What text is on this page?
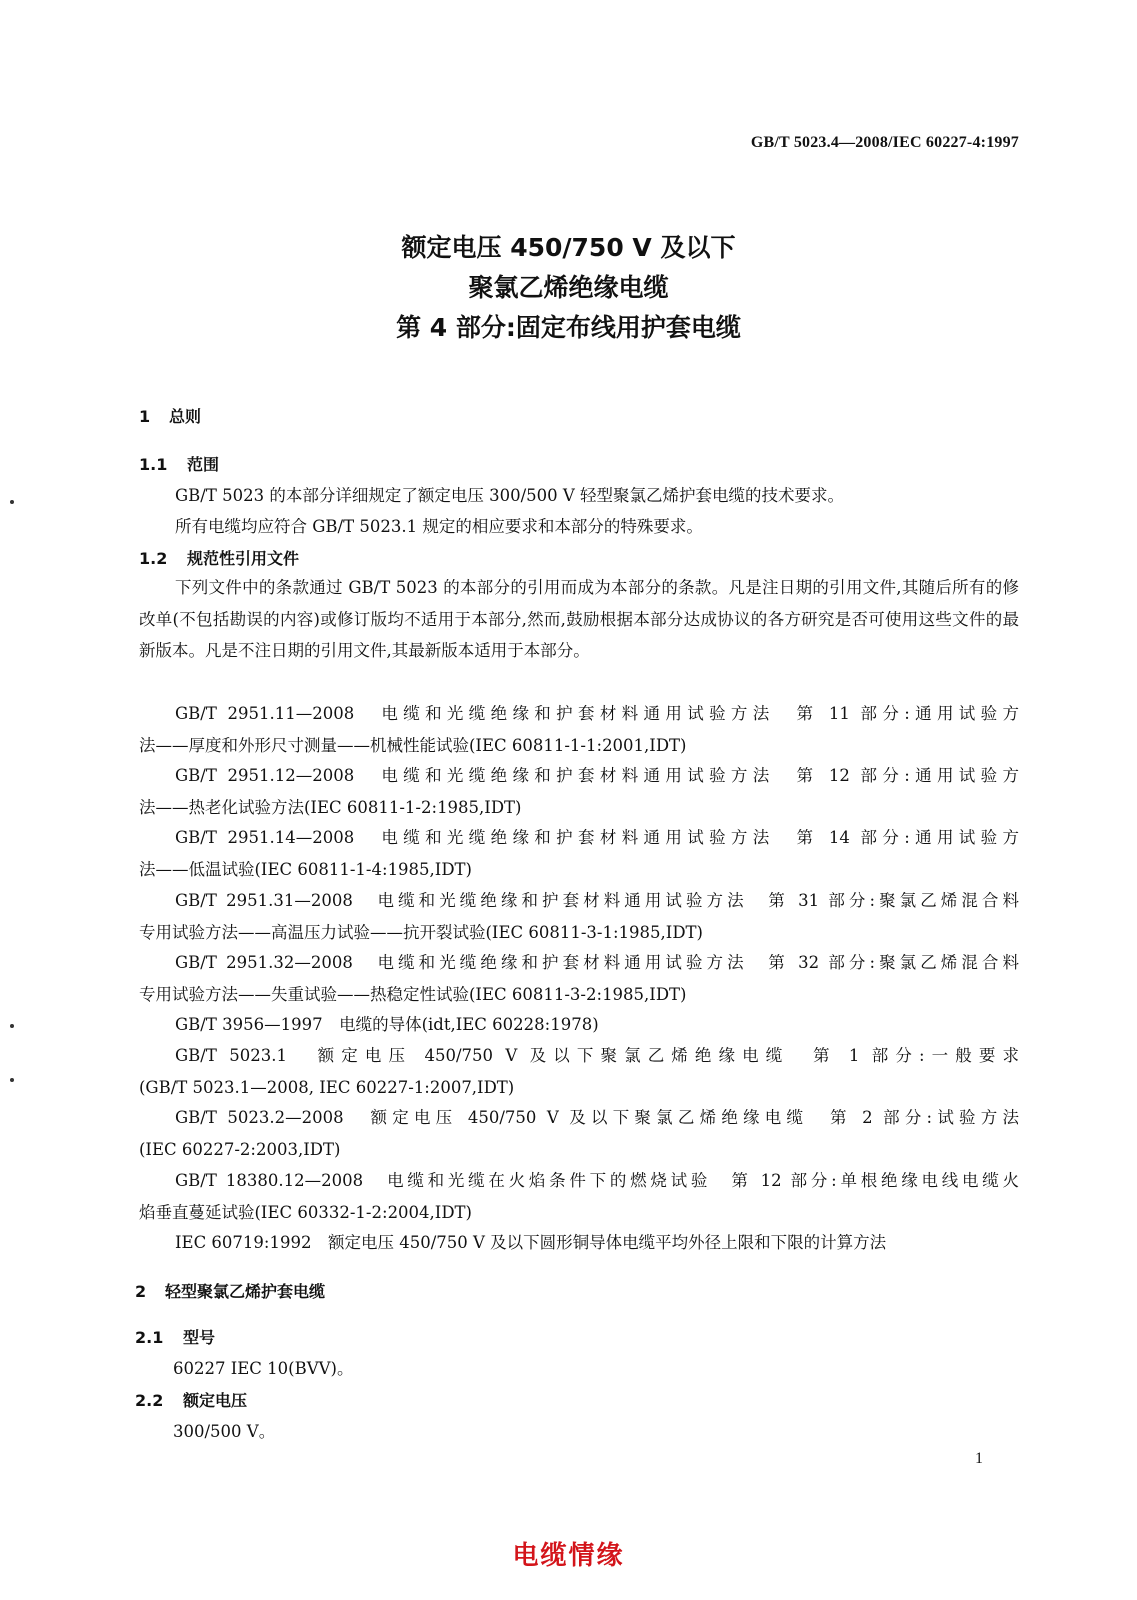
GB/T 5023.4—2008/IEC 60227-4:1997
额定电压 450/750 V 及以下
聚氯乙烯绝缘电缆
第 4 部分:固定布线用护套电缆
1 总则
1.1 范围
GB/T 5023 的本部分详细规定了额定电压 300/500 V 轻型聚氯乙烯护套电缆的技术要求。
所有电缆均应符合 GB/T 5023.1 规定的相应要求和本部分的特殊要求。
1.2 规范性引用文件
下列文件中的条款通过 GB/T 5023 的本部分的引用而成为本部分的条款。凡是注日期的引用文件,其随后所有的修改单(不包括勘误的内容)或修订版均不适用于本部分,然而,鼓励根据本部分达成协议的各方研究是否可使用这些文件的最新版本。凡是不注日期的引用文件,其最新版本适用于本部分。
GB/T 2951.11—2008　电缆和光缆绝缘和护套材料通用试验方法　第 11 部分:通用试验方
法——厚度和外形尺寸测量——机械性能试验(IEC 60811-1-1:2001,IDT)
GB/T 2951.12—2008　电缆和光缆绝缘和护套材料通用试验方法　第 12 部分:通用试验方
法——热老化试验方法(IEC 60811-1-2:1985,IDT)
GB/T 2951.14—2008　电缆和光缆绝缘和护套材料通用试验方法　第 14 部分:通用试验方
法——低温试验(IEC 60811-1-4:1985,IDT)
GB/T 2951.31—2008　电缆和光缆绝缘和护套材料通用试验方法　第 31 部分:聚氯乙烯混合料
专用试验方法——高温压力试验——抗开裂试验(IEC 60811-3-1:1985,IDT)
GB/T 2951.32—2008　电缆和光缆绝缘和护套材料通用试验方法　第 32 部分:聚氯乙烯混合料
专用试验方法——失重试验——热稳定性试验(IEC 60811-3-2:1985,IDT)
GB/T 3956—1997　电缆的导体(idt,IEC 60228:1978)
GB/T 5023.1　额定电压 450/750 V 及以下聚氯乙烯绝缘电缆　第 1 部分:一般要求
(GB/T 5023.1—2008, IEC 60227-1:2007,IDT)
GB/T 5023.2—2008　额定电压 450/750 V 及以下聚氯乙烯绝缘电缆　第 2 部分:试验方法
(IEC 60227-2:2003,IDT)
GB/T 18380.12—2008　电缆和光缆在火焰条件下的燃烧试验　第 12 部分:单根绝缘电线电缆火
焰垂直蔓延试验(IEC 60332-1-2:2004,IDT)
IEC 60719:1992　额定电压 450/750 V 及以下圆形铜导体电缆平均外径上限和下限的计算方法
2 轻型聚氯乙烯护套电缆
2.1 型号
60227 IEC 10(BVV)。
2.2 额定电压
300/500 V。
1
电缆情缘
